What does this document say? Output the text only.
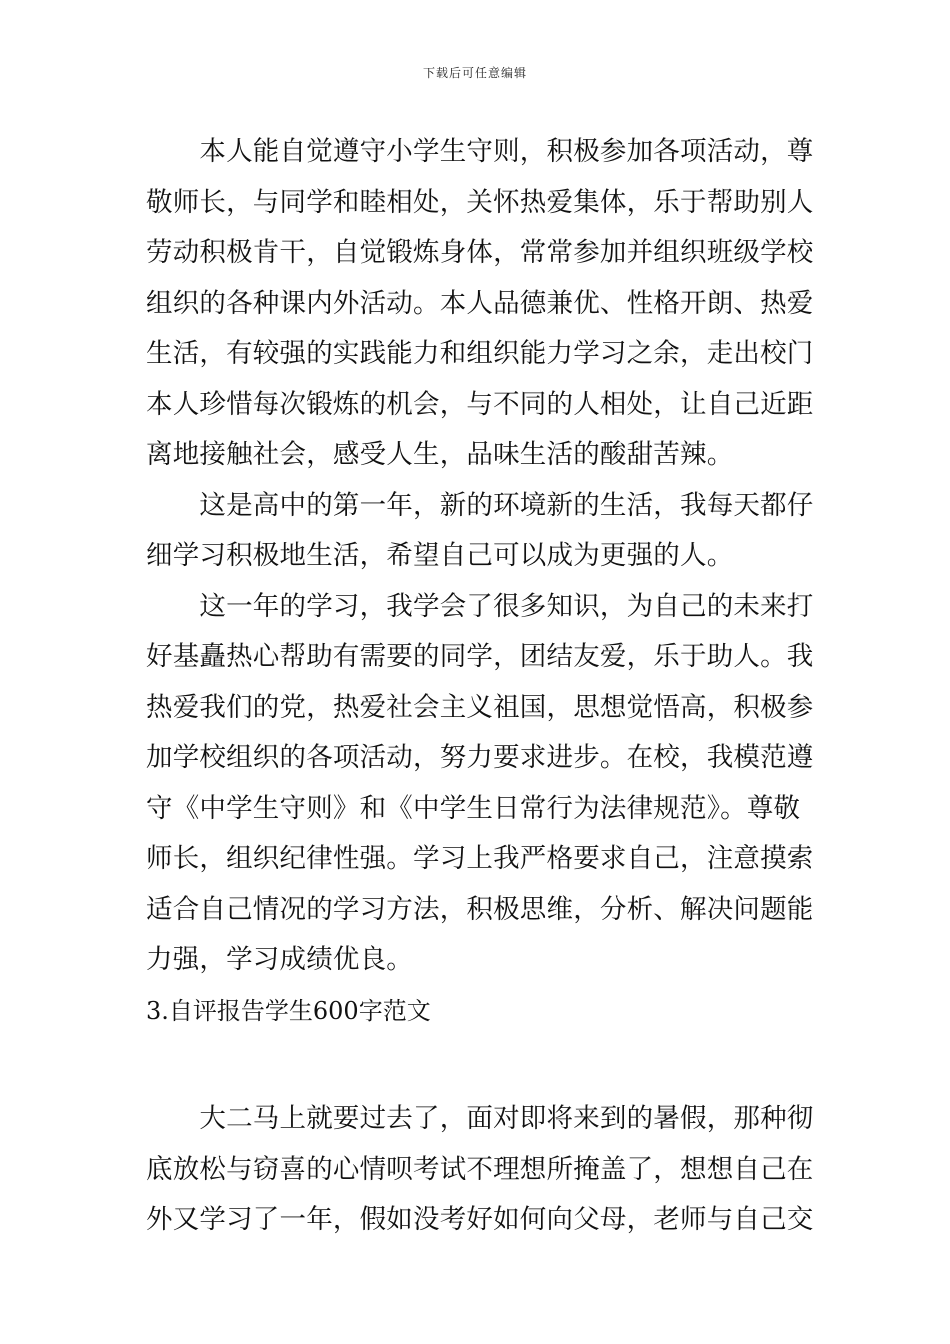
下载后可任意编辑
　　本人能自觉遵守小学生守则，积极参加各项活动，尊
敬师长，与同学和睦相处，关怀热爱集体，乐于帮助别人
劳动积极肯干，自觉锻炼身体，常常参加并组织班级学校
组织的各种课内外活动。本人品德兼优、性格开朗、热爱
生活，有较强的实践能力和组织能力学习之余，走出校门
本人珍惜每次锻炼的机会，与不同的人相处，让自己近距
离地接触社会，感受人生，品味生活的酸甜苦辣。
　　这是高中的第一年，新的环境新的生活，我每天都仔
细学习积极地生活，希望自己可以成为更强的人。
　　这一年的学习，我学会了很多知识，为自己的未来打
好基矗热心帮助有需要的同学，团结友爱，乐于助人。我
热爱我们的党，热爱社会主义祖国，思想觉悟高，积极参
加学校组织的各项活动，努力要求进步。在校，我模范遵
守《中学生守则》和《中学生日常行为法律规范》。尊敬
师长，组织纪律性强。学习上我严格要求自己，注意摸索
适合自己情况的学习方法，积极思维，分析、解决问题能
力强，学习成绩优良。
3.自评报告学生600字范文
　　大二马上就要过去了，面对即将来到的暑假，那种彻
底放松与窃喜的心情呗考试不理想所掩盖了，想想自己在
外又学习了一年，假如没考好如何向父母，老师与自己交
